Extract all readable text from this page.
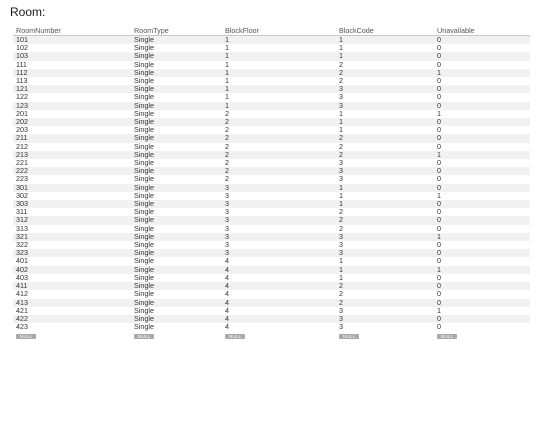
Room:
RoomNumber	RoomType	BlockFloor	BlockCode	Unavailable
101	Single	1	1	0
102	Single	1	1	0
103	Single	1	1	0
111	Single	1	2	0
112	Single	1	2	1
113	Single	1	2	0
121	Single	1	3	0
122	Single	1	3	0
123	Single	1	3	0
201	Single	2	1	1
202	Single	2	1	0
203	Single	2	1	0
211	Single	2	2	0
212	Single	2	2	0
213	Single	2	2	1
221	Single	2	3	0
222	Single	2	3	0
223	Single	2	3	0
301	Single	3	1	0
302	Single	3	1	1
303	Single	3	1	0
311	Single	3	2	0
312	Single	3	2	0
313	Single	3	2	0
321	Single	3	3	1
322	Single	3	3	0
323	Single	3	3	0
401	Single	4	1	0
402	Single	4	1	1
403	Single	4	1	0
411	Single	4	2	0
412	Single	4	2	0
413	Single	4	2	0
421	Single	4	3	1
422	Single	4	3	0
423	Single	4	3	0
NULL	NULL	NULL	NULL	NULL
